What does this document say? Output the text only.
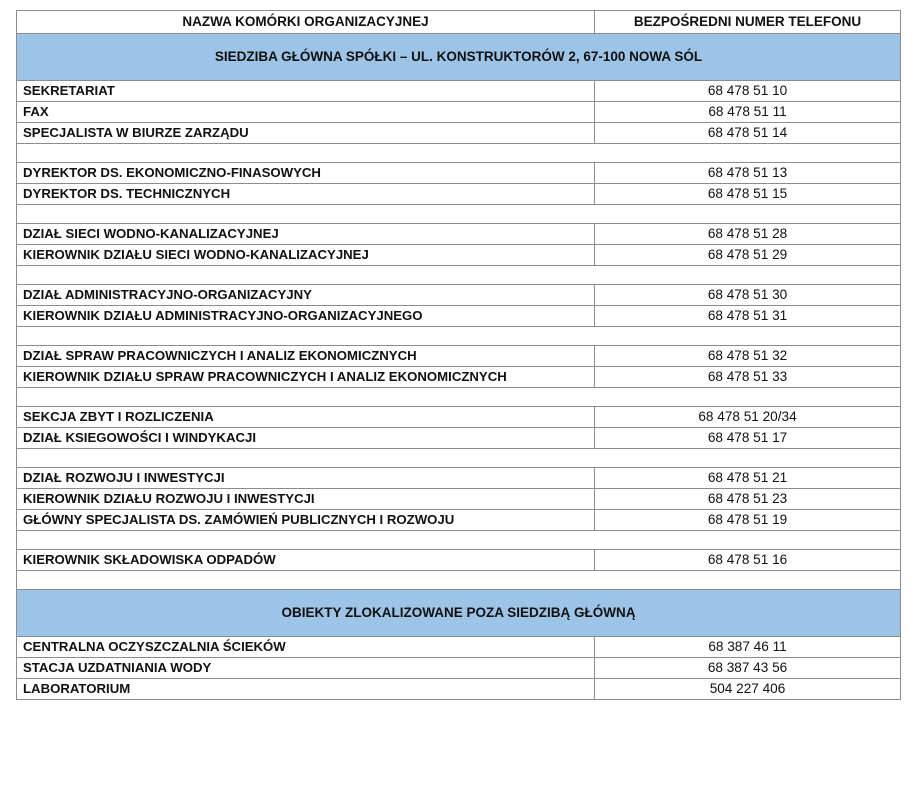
NAZWA KOMÓRKI ORGANIZACYJNEJ	BEZPOŚREDNI NUMER TELEFONU
SIEDZIBA GŁÓWNA SPÓŁKI – UL. KONSTRUKTORÓW 2, 67-100 NOWA SÓL	
SEKRETARIAT	68 478 51 10
FAX	68 478 51 11
SPECJALISTA W BIURZE ZARZĄDU	68 478 51 14

DYREKTOR DS. EKONOMICZNO-FINASOWYCH	68 478 51 13
DYREKTOR DS. TECHNICZNYCH	68 478 51 15

DZIAŁ SIECI WODNO-KANALIZACYJNEJ	68 478 51 28
KIEROWNIK DZIAŁU SIECI WODNO-KANALIZACYJNEJ	68 478 51 29

DZIAŁ ADMINISTRACYJNO-ORGANIZACYJNY	68 478 51 30
KIEROWNIK DZIAŁU ADMINISTRACYJNO-ORGANIZACYJNEGO	68 478 51 31

DZIAŁ SPRAW PRACOWNICZYCH I ANALIZ EKONOMICZNYCH	68 478 51 32
KIEROWNIK DZIAŁU SPRAW PRACOWNICZYCH I ANALIZ EKONOMICZNYCH	68 478 51 33

SEKCJA ZBYT I ROZLICZENIA	68 478 51 20/34
DZIAŁ KSIEGOWOŚCI I WINDYKACJI	68 478 51 17

DZIAŁ ROZWOJU I INWESTYCJI	68 478 51 21
KIEROWNIK DZIAŁU ROZWOJU I INWESTYCJI	68 478 51 23
GŁÓWNY SPECJALISTA DS. ZAMÓWIEŃ PUBLICZNYCH I ROZWOJU	68 478 51 19

KIEROWNIK SKŁADOWISKA ODPADÓW	68 478 51 16

OBIEKTY ZLOKALIZOWANE POZA SIEDZIBĄ GŁÓWNĄ	
CENTRALNA OCZYSZCZALNIA ŚCIEKÓW	68 387 46 11
STACJA UZDATNIANIA WODY	68 387 43 56
LABORATORIUM	504 227 406
